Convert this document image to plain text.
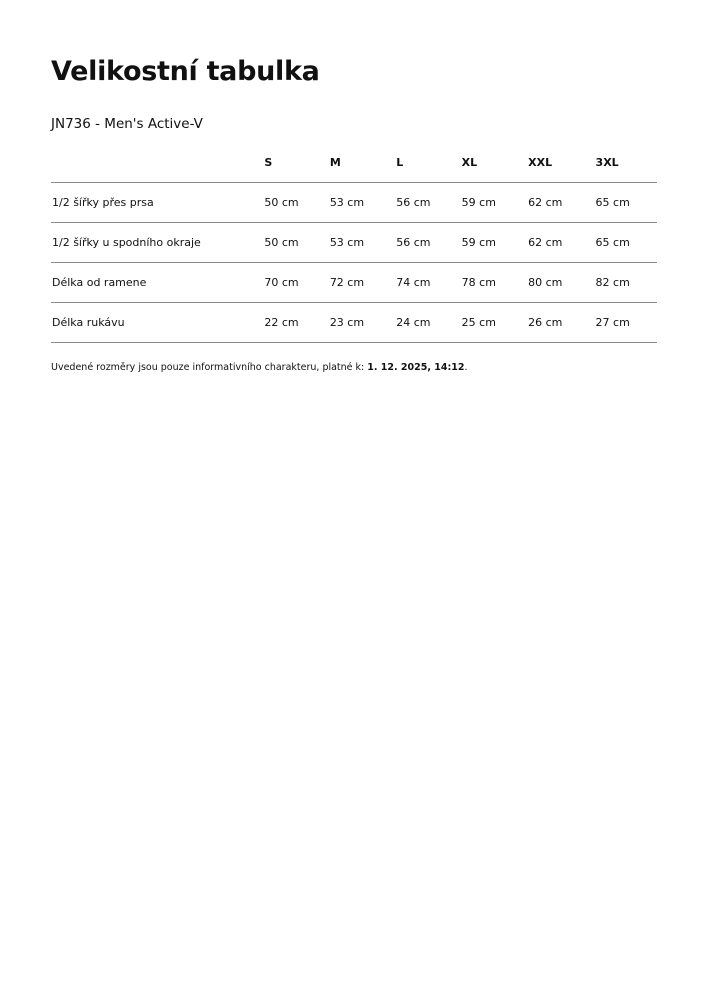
Velikostní tabulka
JN736 - Men's Active-V
	S	M	L	XL	XXL	3XL
1/2 šířky přes prsa	50 cm	53 cm	56 cm	59 cm	62 cm	65 cm
1/2 šířky u spodního okraje	50 cm	53 cm	56 cm	59 cm	62 cm	65 cm
Délka od ramene	70 cm	72 cm	74 cm	78 cm	80 cm	82 cm
Délka rukávu	22 cm	23 cm	24 cm	25 cm	26 cm	27 cm
Uvedené rozměry jsou pouze informativního charakteru, platné k: 1. 12. 2025, 14:12.
